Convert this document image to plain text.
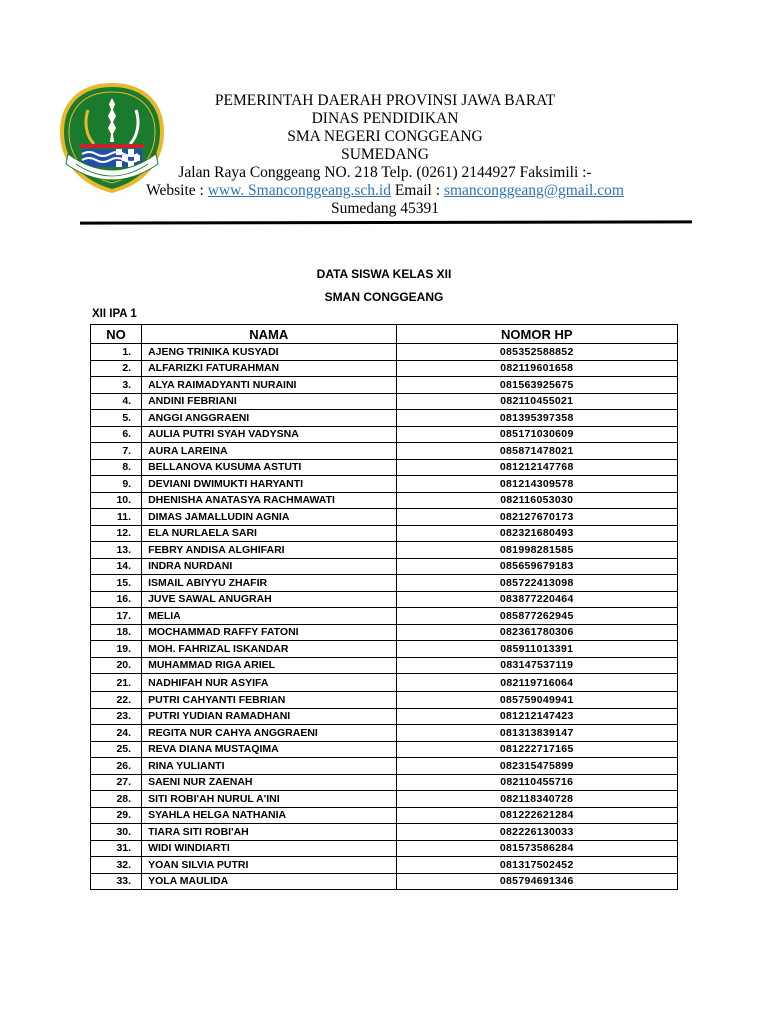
PEMERINTAH DAERAH PROVINSI JAWA BARAT
DINAS PENDIDIKAN
SMA NEGERI CONGGEANG
SUMEDANG
Jalan Raya Conggeang NO. 218 Telp. (0261) 2144927 Faksimili :-
Website : www. Smanconggeang.sch.id Email : smanconggeang@gmail.com
Sumedang 45391
DATA SISWA KELAS XII
SMAN CONGGEANG
XII IPA 1
NO	NAMA	NOMOR HP
1.	AJENG TRINIKA KUSYADI	085352588852
2.	ALFARIZKI FATURAHMAN	082119601658
3.	ALYA RAIMADYANTI NURAINI	081563925675
4.	ANDINI FEBRIANI	082110455021
5.	ANGGI ANGGRAENI	081395397358
6.	AULIA PUTRI SYAH VADYSNA	085171030609
7.	AURA LAREINA	085871478021
8.	BELLANOVA KUSUMA ASTUTI	081212147768
9.	DEVIANI DWIMUKTI HARYANTI	081214309578
10.	DHENISHA ANATASYA RACHMAWATI	082116053030
11.	DIMAS JAMALLUDIN AGNIA	082127670173
12.	ELA NURLAELA SARI	082321680493
13.	FEBRY ANDISA ALGHIFARI	081998281585
14.	INDRA NURDANI	085659679183
15.	ISMAIL ABIYYU ZHAFIR	085722413098
16.	JUVE SAWAL ANUGRAH	083877220464
17.	MELIA	085877262945
18.	MOCHAMMAD RAFFY FATONI	082361780306
19.	MOH. FAHRIZAL ISKANDAR	085911013391
20.	MUHAMMAD RIGA ARIEL	083147537119
21.	NADHIFAH NUR ASYIFA	082119716064
22.	PUTRI CAHYANTI FEBRIAN	085759049941
23.	PUTRI YUDIAN RAMADHANI	081212147423
24.	REGITA NUR CAHYA ANGGRAENI	081313839147
25.	REVA DIANA MUSTAQIMA	081222717165
26.	RINA YULIANTI	082315475899
27.	SAENI NUR ZAENAH	082110455716
28.	SITI ROBI'AH NURUL A'INI	082118340728
29.	SYAHLA HELGA NATHANIA	081222621284
30.	TIARA SITI ROBI'AH	082226130033
31.	WIDI WINDIARTI	081573586284
32.	YOAN SILVIA PUTRI	081317502452
33.	YOLA MAULIDA	085794691346
